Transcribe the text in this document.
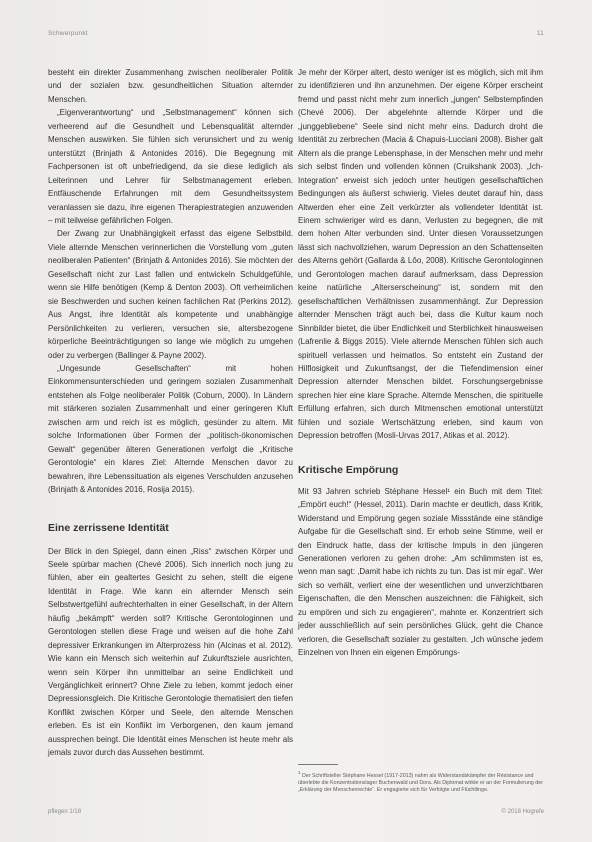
Schwerpunkt	11

besteht ein direkter Zusammenhang zwischen neoliberaler Politik und der sozialen bzw. gesundheitlichen Situation alternder Menschen.

„Eigenverantwortung“ und „Selbstmanagement“ können sich verheerend auf die Gesundheit und Lebensqualität alternder Menschen auswirken. Sie fühlen sich verunsichert und zu wenig unterstützt (Brinjath & Antonides 2016). Die Begegnung mit Fachpersonen ist oft unbefriedigend, da sie diese lediglich als Leiterinnen und Lehrer für Selbstmanagement erleben. Entfäuschende Erfahrungen mit dem Gesundheitssystem veranlassen sie dazu, ihre eigenen Therapiestrategien anzuwenden – mit teilweise gefährlichen Folgen.

Der Zwang zur Unabhängigkeit erfasst das eigene Selbstbild. Viele alternde Menschen verinnerlichen die Vorstellung vom „guten neoliberalen Patienten“ (Brinjath & Antonides 2016). Sie möchten der Gesellschaft nicht zur Last fallen und entwickeln Schuldgefühle, wenn sie Hilfe benötigen (Kemp & Denton 2003). Oft verheimlichen sie Beschwerden und suchen keinen fachlichen Rat (Perkins 2012). Aus Angst, ihre Identität als kompetente und unabhängige Persönlichkeiten zu verlieren, versuchen sie, altersbezogene körperliche Beeinträchtigungen so lange wie möglich zu umgehen oder zu verbergen (Ballinger & Payne 2002).

„Ungesunde Gesellschaften“ mit hohen Einkommensunterschieden und geringem sozialen Zusammenhalt entstehen als Folge neoliberaler Politik (Coburn, 2000). In Ländern mit stärkeren sozialen Zusammenhalt und einer geringeren Kluft zwischen arm und reich ist es möglich, gesünder zu altern. Mit solche Informationen über Formen der „politisch-ökonomischen Gewalt“ gegenüber älteren Generationen verfolgt die „Kritische Gerontologie“ ein klares Ziel: Alternde Menschen davor zu bewahren, ihre Lebenssituation als eigenes Verschulden anzusehen (Brinjath & Antonides 2016, Rosija 2015).

Eine zerrissene Identität

Der Blick in den Spiegel, dann einen „Riss“ zwischen Körper und Seele spürbar machen (Chevé 2006). Sich innerlich noch jung zu fühlen, aber ein gealtertes Gesicht zu sehen, stellt die eigene Identität in Frage. Wie kann ein alternder Mensch sein Selbstwertgefühl aufrechterhalten in einer Gesellschaft, in der Altern häufig „bekämpft“ werden soll? Kritische Gerontologinnen und Gerontologen stellen diese Frage und weisen auf die hohe Zahl depressiver Erkrankungen im Alterprozess hin (Alcinas et al. 2012). Wie kann ein Mensch sich weiterhin auf Zukunftsziele ausrichten, wenn sein Körper ihn unmittelbar an seine Endlichkeit und Vergänglichkeit erinnert? Ohne Ziele zu leben, kommt jedoch einer Depressionsgleich. Die Kritische Gerontologie thematisiert den tiefen Konflikt zwischen Körper und Seele, den alternde Menschen erleben. Es ist ein Konflikt im Verborgenen, den kaum jemand aussprechen beingt. Die Identität eines Menschen ist heute mehr als jemals zuvor durch das Aussehen bestimmt.

Je mehr der Körper altert, desto weniger ist es möglich, sich mit ihm zu identifizieren und ihn anzunehmen. Der eigene Körper erscheint fremd und passt nicht mehr zum innerlich „jungen“ Selbstempfinden (Chevé 2006). Der abgelehnte alternde Körper und die „junggebliebene“ Seele sind nicht mehr eins. Dadurch droht die Identität zu zerbrechen (Macia & Chapuis-Lucciani 2008). Bisher galt Altern als die prange Lebensphase, in der Menschen mehr und mehr sich selbst finden und vollenden können (Cruikshank 2003). „Ich-Integration“ erweist sich jedoch unter heutigen gesellschaftlichen Bedingungen als äußerst schwierig. Vieles deutet darauf hin, dass Altwerden eher eine Zeit verkürzter als vollendeter Identität ist. Einem schwieriger wird es dann, Verlusten zu begegnen, die mit dem hohen Alter verbunden sind. Unter diesen Voraussetzungen lässt sich nachvollziehen, warum Depression an den Schattenseiten des Alterns gehört (Gallarda & Lôo, 2008). Kritische Gerontologinnen und Gerontologen machen darauf aufmerksam, dass Depression keine natürliche „Alterserscheinung“ ist, sondern mit den gesellschaftlichen Verhältnissen zusammenhängt. Zur Depression alternder Menschen trägt auch bei, dass die Kultur kaum noch Sinnbilder bietet, die über Endlichkeit und Sterblichkeit hinausweisen (Lafrenlie & Biggs 2015). Viele alternde Menschen fühlen sich auch spirituell verlassen und heimatlos. So entsteht ein Zustand der Hilflosigkeit und Zukunftsangst, der die Tiefendimension einer Depression alternder Menschen bildet. Forschungsergebnisse sprechen hier eine klare Sprache. Alternde Menschen, die spirituelle Erfüllung erfahren, sich durch Mitmenschen emotional unterstützt fühlen und soziale Wertschätzung erleben, sind kaum von Depression betroffen (Mosli-Urvas 2017, Atikas et al. 2012).

Kritische Empörung

Mit 93 Jahren schrieb Stéphane Hessel¹ ein Buch mit dem Titel: „Empört euch!“ (Hessel, 2011). Darin machte er deutlich, dass Kritik, Widerstand und Empörung gegen soziale Missstände eine ständige Aufgabe für die Gesellschaft sind. Er erhob seine Stimme, weil er den Eindruck hatte, dass der kritische Impuls in den jüngeren Generationen verloren zu gehen drohe: „Am schlimmsten ist es, wenn man sagt: ‚Damit habe ich nichts zu tun. Das ist mir egal‘. Wer sich so verhält, verliert eine der wesentlichen und unverzichtbaren Eigenschaften, die den Menschen auszeichnen: die Fähigkeit, sich zu empören und sich zu engagieren“, mahnte er. Konzentriert sich jeder ausschließlich auf sein persönliches Glück, geht die Chance verloren, die Gesellschaft sozialer zu gestalten. „Ich wünsche jedem Einzelnen von Ihnen ein eigenen Empörungs-

$^1$ Der Schriftsteller Stéphane Hessel (1917-2013) nahm als Widerstandskämpfer der Résistance und überlebte die Konzentrationslager Buchenwald und Dora. Als Diplomat wirkte er an der Formulierung der „Erklärung der Menschenrechte“. Er engagierte sich für Verfolgte und Flüchtlinge.
pflegen 1/18	© 2018 Hogrefe
